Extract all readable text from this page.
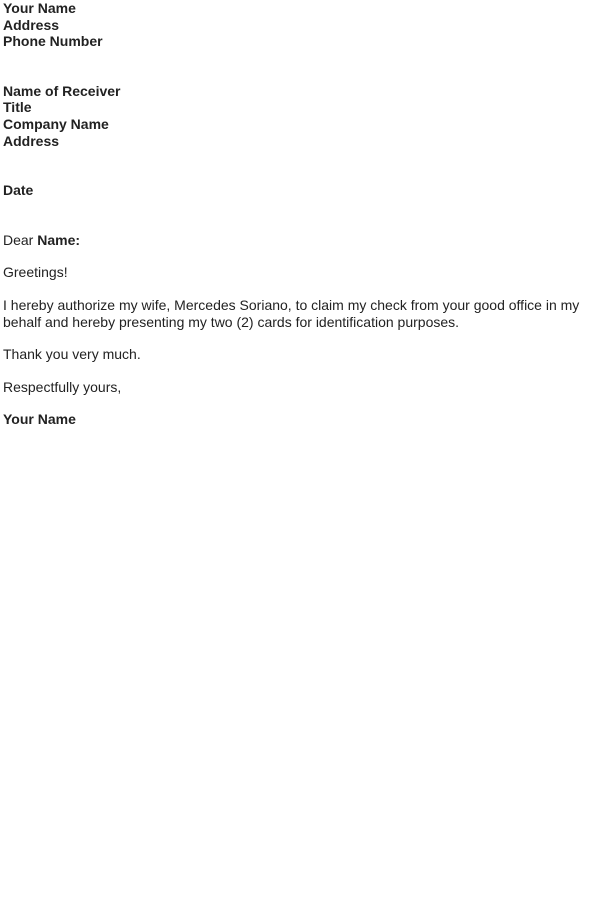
Your Name
Address
Phone Number
Name of Receiver
Title
Company Name
Address
Date
Dear Name:

Greetings!

I hereby authorize my wife, Mercedes Soriano, to claim my check from your good office in my behalf and hereby presenting my two (2) cards for identification purposes.

Thank you very much.

Respectfully yours,

Your Name
